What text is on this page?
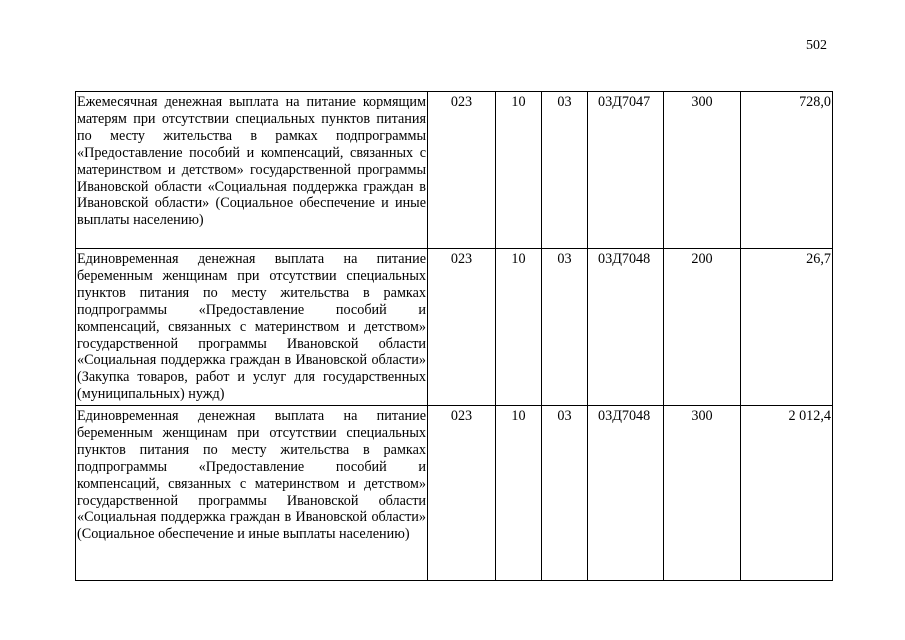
502
Ежемесячная денежная выплата на питание кормящим матерям при отсутствии специальных пунктов питания по месту жительства в рамках подпрограммы «Предоставление пособий и компенсаций, связанных с материнством и детством» государственной программы Ивановской области «Социальная поддержка граждан в Ивановской области» (Социальное обеспечение и иные выплаты населению)	023	10	03	03Д7047	300	728,0
Единовременная денежная выплата на питание беременным женщинам при отсутствии специальных пунктов питания по месту жительства в рамках подпрограммы «Предоставление пособий и компенсаций, связанных с материнством и детством» государственной программы Ивановской области «Социальная поддержка граждан в Ивановской области» (Закупка товаров, работ и услуг для государственных (муниципальных) нужд)	023	10	03	03Д7048	200	26,7
Единовременная денежная выплата на питание беременным женщинам при отсутствии специальных пунктов питания по месту жительства в рамках подпрограммы «Предоставление пособий и компенсаций, связанных с материнством и детством» государственной программы Ивановской области «Социальная поддержка граждан в Ивановской области» (Социальное обеспечение и иные выплаты населению)	023	10	03	03Д7048	300	2 012,4
